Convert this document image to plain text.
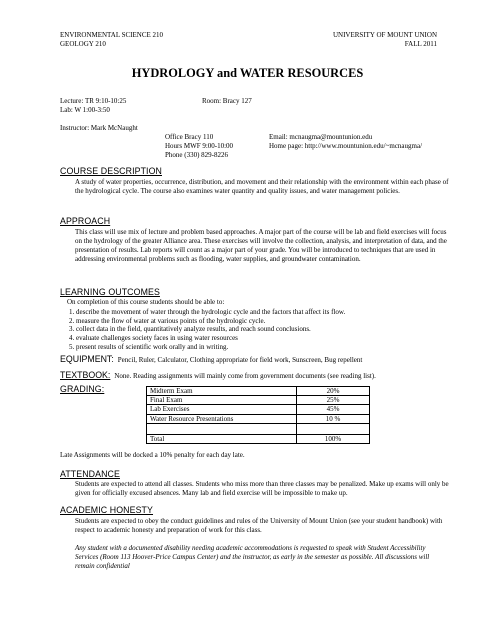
ENVIRONMENTAL SCIENCE 210
GEOLOGY 210
UNIVERSITY OF MOUNT UNION
FALL 2011
HYDROLOGY and WATER RESOURCES
Lecture: TR 9:10-10:25	Room: Bracy 127
Lab: W 1:00-3:50
Instructor: Mark McNaught
Office Bracy 110
Hours MWF 9:00-10:00
Phone (330) 829-8226
Email: mcnaugma@mountunion.edu
Home page: http://www.mountunion.edu/~mcnaugma/
COURSE DESCRIPTION
A study of water properties, occurrence, distribution, and movement and their relationship with the environment within each phase of the hydrological cycle. The course also examines water quantity and quality issues, and water management policies.
APPROACH
This class will use mix of lecture and problem based approaches. A major part of the course will be lab and field exercises will focus on the hydrology of the greater Alliance area. These exercises will involve the collection, analysis, and interpretation of data, and the presentation of results. Lab reports will count as a major part of your grade. You will be introduced to techniques that are used in addressing environmental problems such as flooding, water supplies, and groundwater contamination.
LEARNING OUTCOMES
On completion of this course students should be able to:
1. describe the movement of water through the hydrologic cycle and the factors that affect its flow.
2. measure the flow of water at various points of the hydrologic cycle.
3. collect data in the field, quantitatively analyze results, and reach sound conclusions.
4. evaluate challenges society faces in using water resources
5. present results of scientific work orally and in writing.
EQUIPMENT: Pencil, Ruler, Calculator, Clothing appropriate for field work, Sunscreen, Bug repellent
TEXTBOOK: None. Reading assignments will mainly come from government documents (see reading list).
GRADING:	Midterm Exam	20%
Final Exam	25%
Lab Exercises	45%
Water Resource Presentations	10 %

Total	100%
Late Assignments will be docked a 10% penalty for each day late.
ATTENDANCE
Students are expected to attend all classes. Students who miss more than three classes may be penalized. Make up exams will only be given for officially excused absences. Many lab and field exercise will be impossible to make up.
ACADEMIC HONESTY
Students are expected to obey the conduct guidelines and rules of the University of Mount Union (see your student handbook) with respect to academic honesty and preparation of work for this class.
Any student with a documented disability needing academic accommodations is requested to speak with Student Accessibility Services (Room 113 Hoover-Price Campus Center) and the instructor, as early in the semester as possible. All discussions will remain confidential
